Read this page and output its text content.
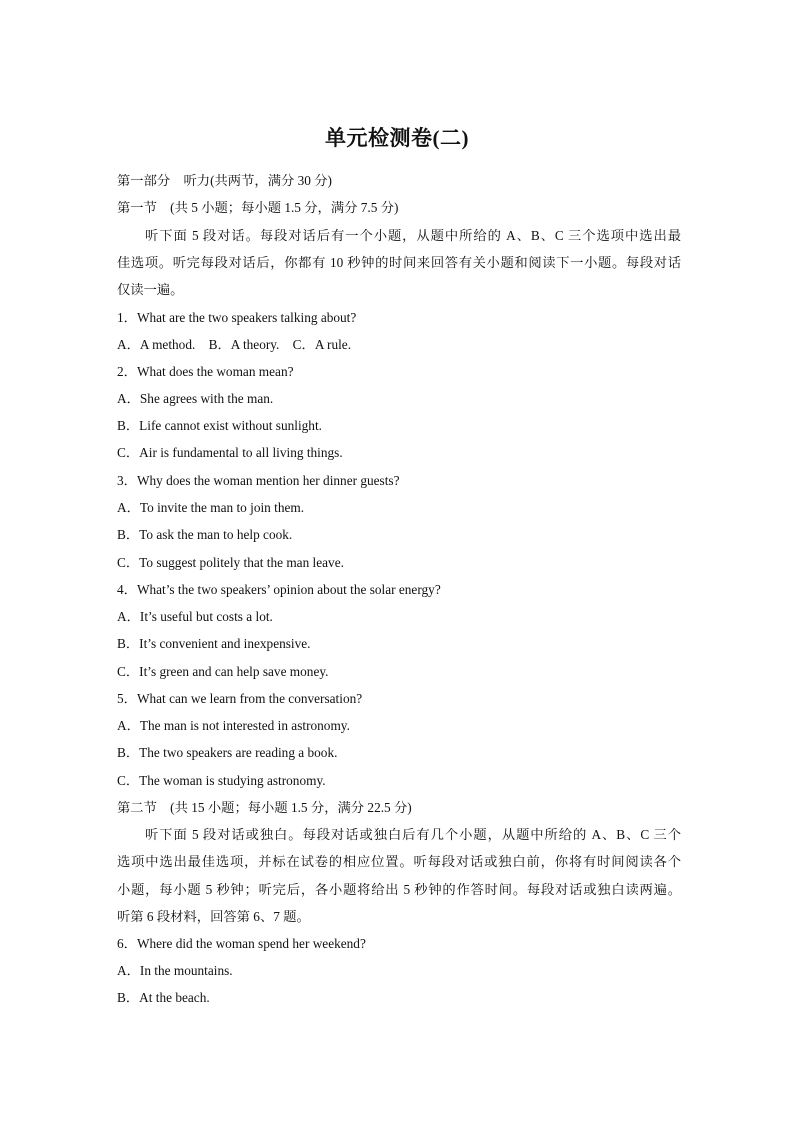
单元检测卷(二)
第一部分　听力(共两节，满分 30 分)
第一节　(共 5 小题；每小题 1.5 分，满分 7.5 分)
听下面 5 段对话。每段对话后有一个小题，从题中所给的 A、B、C 三个选项中选出最
佳选项。听完每段对话后，你都有 10 秒钟的时间来回答有关小题和阅读下一小题。每段对话
仅读一遍。
1．What are the two speakers talking about?
A．A method.　B．A theory.　C．A rule.
2．What does the woman mean?
A．She agrees with the man.
B．Life cannot exist without sunlight.
C．Air is fundamental to all living things.
3．Why does the woman mention her dinner guests?
A．To invite the man to join them.
B．To ask the man to help cook.
C．To suggest politely that the man leave.
4．What’s the two speakers’ opinion about the solar energy?
A．It’s useful but costs a lot.
B．It’s convenient and inexpensive.
C．It’s green and can help save money.
5．What can we learn from the conversation?
A．The man is not interested in astronomy.
B．The two speakers are reading a book.
C．The woman is studying astronomy.
第二节　(共 15 小题；每小题 1.5 分，满分 22.5 分)
听下面 5 段对话或独白。每段对话或独白后有几个小题，从题中所给的 A、B、C 三个
选项中选出最佳选项，并标在试卷的相应位置。听每段对话或独白前，你将有时间阅读各个
小题，每小题 5 秒钟；听完后，各小题将给出 5 秒钟的作答时间。每段对话或独白读两遍。
听第 6 段材料，回答第 6、7 题。
6．Where did the woman spend her weekend?
A．In the mountains.
B．At the beach.
